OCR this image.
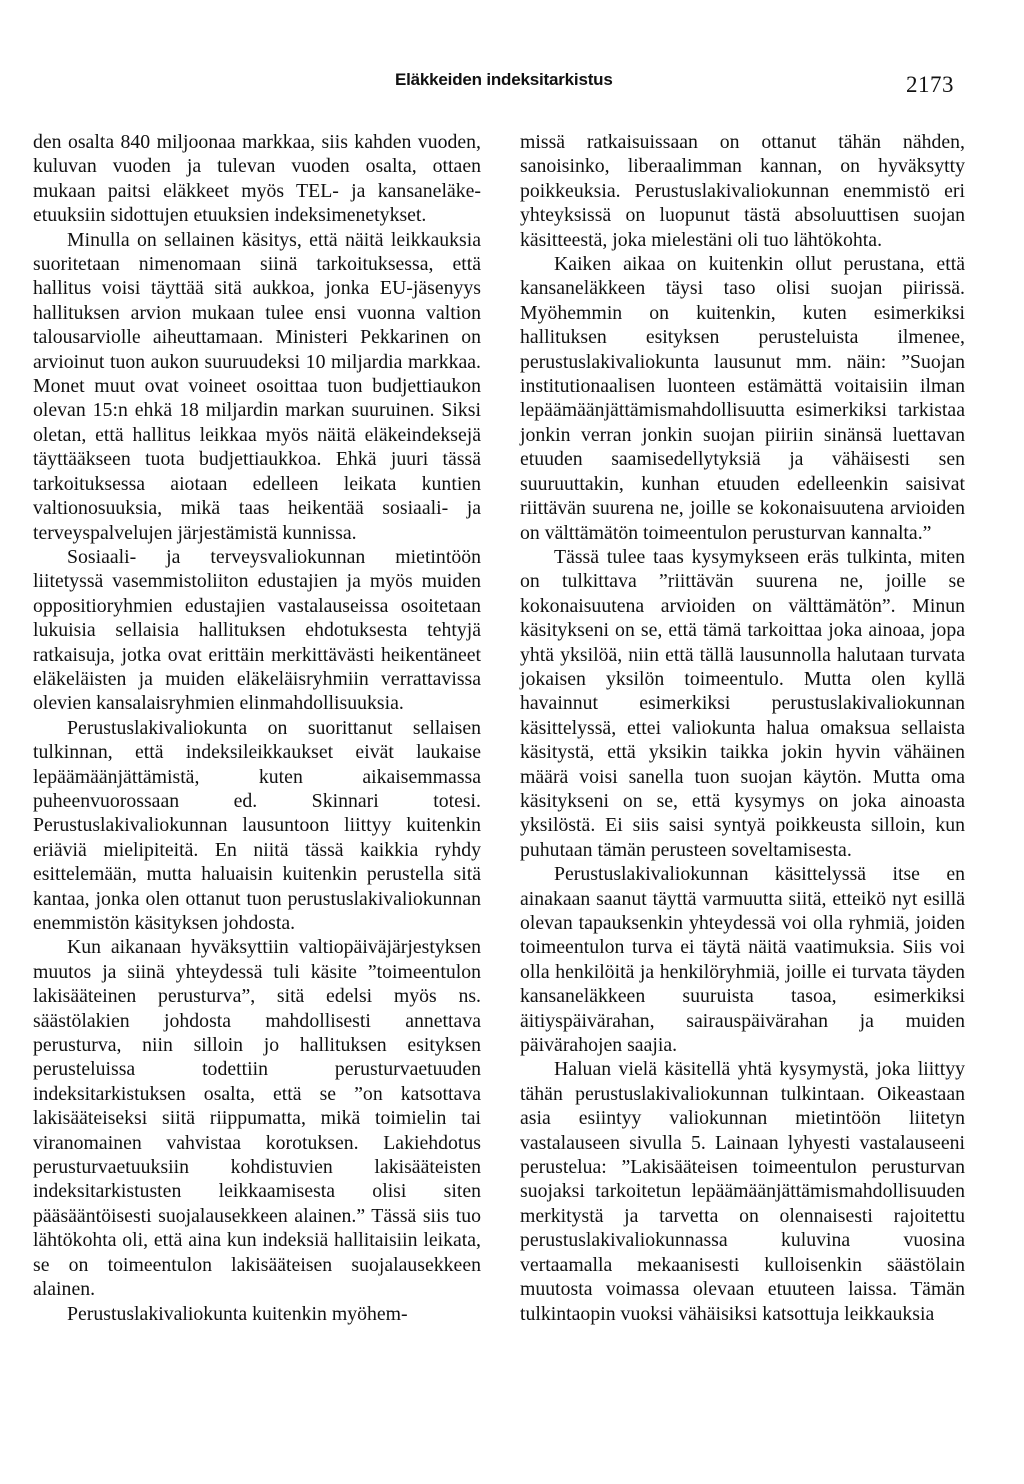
Eläkkeiden indeksitarkistus	2173

den osalta 840 miljoonaa markkaa, siis kahden vuoden, kuluvan vuoden ja tulevan vuoden osalta, ottaen mukaan paitsi eläkkeet myös TEL- ja kansaneläke-etuuksiin sidottujen etuuksien indeksimenetykset.

Minulla on sellainen käsitys, että näitä leikkauksia suoritetaan nimenomaan siinä tarkoituksessa, että hallitus voisi täyttää sitä aukkoa, jonka EU-jäsenyys hallituksen arvion mukaan tulee ensi vuonna valtion talousarviolle aiheuttamaan. Ministeri Pekkarinen on arvioinut tuon aukon suuruudeksi 10 miljardia markkaa. Monet muut ovat voineet osoittaa tuon budjettiaukon olevan 15:n ehkä 18 miljardin markan suuruinen. Siksi oletan, että hallitus leikkaa myös näitä eläkeindeksejä täyttääkseen tuota budjettiaukkoa. Ehkä juuri tässä tarkoituksessa aiotaan edelleen leikata kuntien valtionosuuksia, mikä taas heikentää sosiaali- ja terveyspalvelujen järjestämistä kunnissa.

Sosiaali- ja terveysvaliokunnan mietintöön liitetyssä vasemmistoliiton edustajien ja myös muiden oppositioryhmien edustajien vastalauseissa osoitetaan lukuisia sellaisia hallituksen ehdotuksesta tehtyjä ratkaisuja, jotka ovat erittäin merkittävästi heikentäneet eläkeläisten ja muiden eläkeläisryhmiin verrattavissa olevien kansalaisryhmien elinmahdollisuuksia.

Perustuslakivaliokunta on suorittanut sellaisen tulkinnan, että indeksileikkaukset eivät laukaise lepäämäänjättämistä, kuten aikaisemmassa puheenvuorossaan ed. Skinnari totesi. Perustuslakivaliokunnan lausuntoon liittyy kuitenkin eriäviä mielipiteitä. En niitä tässä kaikkia ryhdy esittelemään, mutta haluaisin kuitenkin perustella sitä kantaa, jonka olen ottanut tuon perustuslakivaliokunnan enemmistön käsityksen johdosta.

Kun aikanaan hyväksyttiin valtiopäiväjärjestyksen muutos ja siinä yhteydessä tuli käsite ”toimeentulon lakisääteinen perusturva”, sitä edelsi myös ns. säästölakien johdosta mahdollisesti annettava perusturva, niin silloin jo hallituksen esityksen perusteluissa todettiin perusturvaetuuden indeksitarkistuksen osalta, että se ”on katsottava lakisääteiseksi siitä riippumatta, mikä toimielin tai viranomainen vahvistaa korotuksen. Lakiehdotus perusturvaetuuksiin kohdistuvien lakisääteisten indeksitarkistusten leikkaamisesta olisi siten pääsääntöisesti suojalausekkeen alainen.” Tässä siis tuo lähtökohta oli, että aina kun indeksiä hallitaisiin leikata, se on toimeentulon lakisääteisen suojalausekkeen alainen.

Perustuslakivaliokunta kuitenkin myöhem-

missä ratkaisuissaan on ottanut tähän nähden, sanoisinko, liberaalimman kannan, on hyväksytty poikkeuksia. Perustuslakivaliokunnan enemmistö eri yhteyksissä on luopunut tästä absoluuttisen suojan käsitteestä, joka mielestäni oli tuo lähtökohta.

Kaiken aikaa on kuitenkin ollut perustana, että kansaneläkkeen täysi taso olisi suojan piirissä. Myöhemmin on kuitenkin, kuten esimerkiksi hallituksen esityksen perusteluista ilmenee, perustuslakivaliokunta lausunut mm. näin: ”Suojan institutionaalisen luonteen estämättä voitaisiin ilman lepäämäänjättämismahdollisuutta esimerkiksi tarkistaa jonkin verran jonkin suojan piiriin sinänsä luettavan etuuden saamisedellytyksiä ja vähäisesti sen suuruuttakin, kunhan etuuden edelleenkin saisivat riittävän suurena ne, joille se kokonaisuutena arvioiden on välttämätön toimeentulon perusturvan kannalta.”

Tässä tulee taas kysymykseen eräs tulkinta, miten on tulkittava ”riittävän suurena ne, joille se kokonaisuutena arvioiden on välttämätön”. Minun käsitykseni on se, että tämä tarkoittaa joka ainoaa, jopa yhtä yksilöä, niin että tällä lausunnolla halutaan turvata jokaisen yksilön toimeentulo. Mutta olen kyllä havainnut esimerkiksi perustuslakivaliokunnan käsittelyssä, ettei valiokunta halua omaksua sellaista käsitystä, että yksikin taikka jokin hyvin vähäinen määrä voisi sanella tuon suojan käytön. Mutta oma käsitykseni on se, että kysymys on joka ainoasta yksilöstä. Ei siis saisi syntyä poikkeusta silloin, kun puhutaan tämän perusteen soveltamisesta.

Perustuslakivaliokunnan käsittelyssä itse en ainakaan saanut täyttä varmuutta siitä, etteikö nyt esillä olevan tapauksenkin yhteydessä voi olla ryhmiä, joiden toimeentulon turva ei täytä näitä vaatimuksia. Siis voi olla henkilöitä ja henkilöryhmiä, joille ei turvata täyden kansaneläkkeen suuruista tasoa, esimerkiksi äitiyspäivärahan, sairauspäivärahan ja muiden päivärahojen saajia.

Haluan vielä käsitellä yhtä kysymystä, joka liittyy tähän perustuslakivaliokunnan tulkintaan. Oikeastaan asia esiintyy valiokunnan mietintöön liitetyn vastalauseen sivulla 5. Lainaan lyhyesti vastalauseeni perustelua: ”Lakisääteisen toimeentulon perusturvan suojaksi tarkoitetun lepäämäänjättämismahdollisuuden merkitystä ja tarvetta on olennaisesti rajoitettu perustuslakivaliokunnassa kuluvina vuosina vertaamalla mekaanisesti kulloisenkin säästölain muutosta voimassa olevaan etuuteen laissa. Tämän tulkintaopin vuoksi vähäisiksi katsottuja leikkauksia
